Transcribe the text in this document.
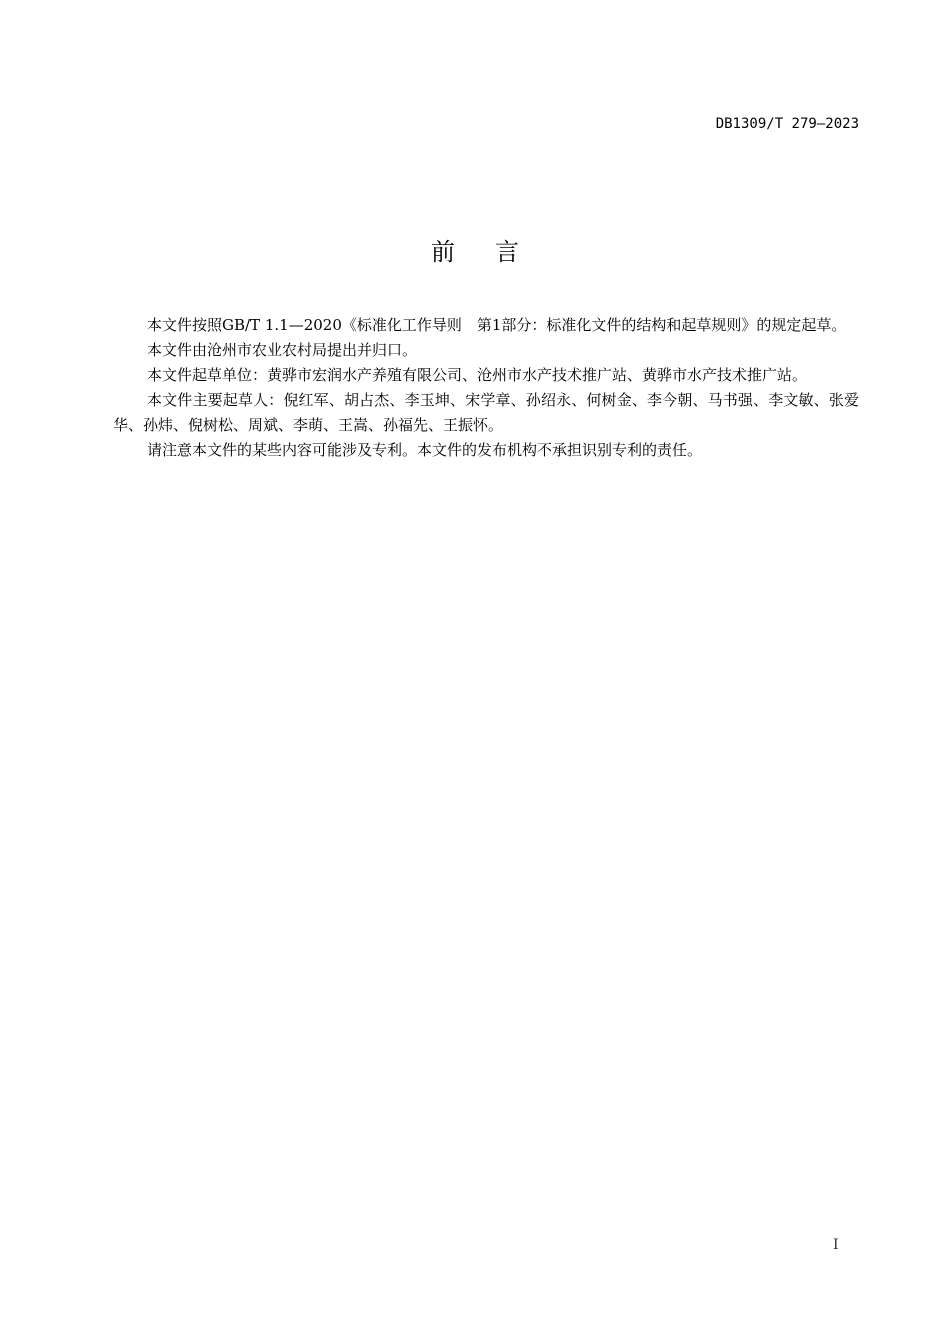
DB1309/T 279—2023
前言

本文件按照GB/T 1.1—2020《标准化工作导则　第1部分：标准化文件的结构和起草规则》的规定起草。

本文件由沧州市农业农村局提出并归口。

本文件起草单位：黄骅市宏润水产养殖有限公司、沧州市水产技术推广站、黄骅市水产技术推广站。

本文件主要起草人：倪红军、胡占杰、李玉坤、宋学章、孙绍永、何树金、李今朝、马书强、李文敏、张爱华、孙炜、倪树松、周斌、李萌、王嵩、孙福先、王振怀。

请注意本文件的某些内容可能涉及专利。本文件的发布机构不承担识别专利的责任。

I
